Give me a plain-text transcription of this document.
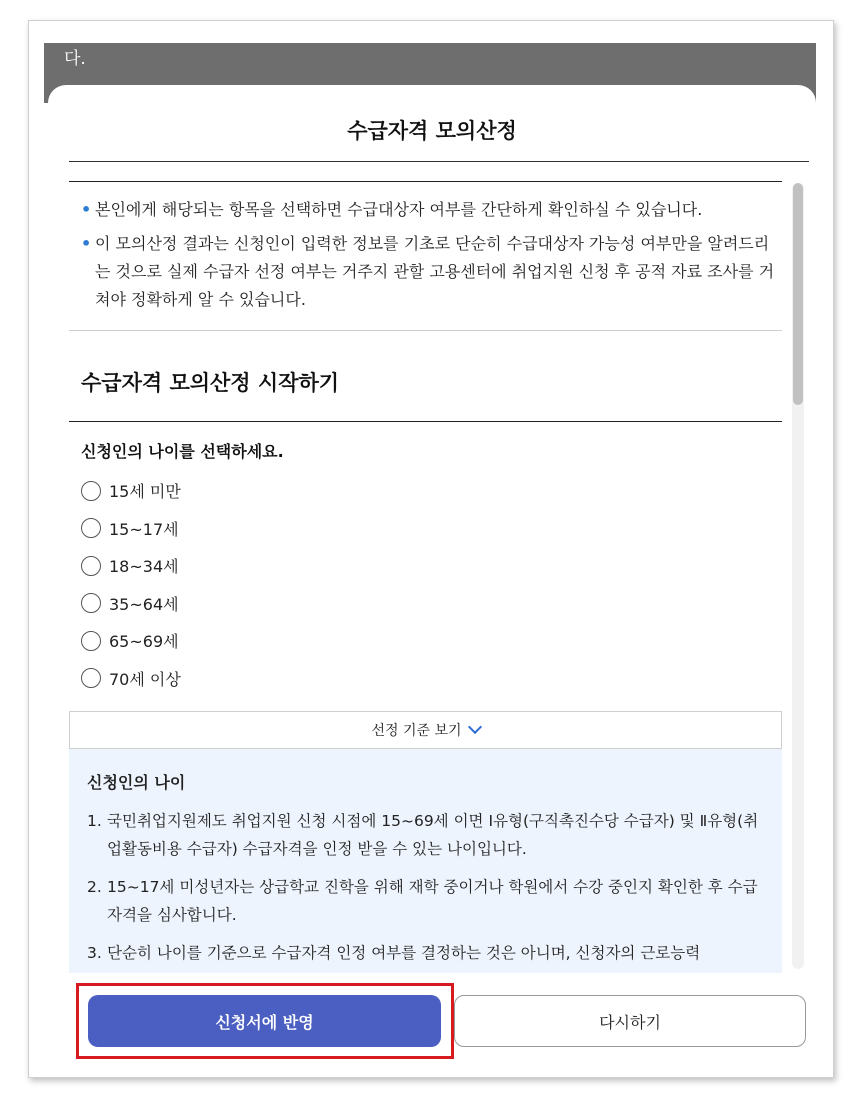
다.
수급자격 모의산정
• 본인에게 해당되는 항목을 선택하면 수급대상자 여부를 간단하게 확인하실 수 있습니다.
• 이 모의산정 결과는 신청인이 입력한 정보를 기초로 단순히 수급대상자 가능성 여부만을 알려드리는 것으로 실제 수급자 선정 여부는 거주지 관할 고용센터에 취업지원 신청 후 공적 자료 조사를 거쳐야 정확하게 알 수 있습니다.
수급자격 모의산정 시작하기
신청인의 나이를 선택하세요.
15세 미만
15~17세
18~34세
35~64세
65~69세
70세 이상
선정 기준 보기
신청인의 나이
1. 국민취업지원제도 취업지원 신청 시점에 15~69세 이면 Ⅰ유형(구직촉진수당 수급자) 및 Ⅱ유형(취업활동비용 수급자) 수급자격을 인정 받을 수 있는 나이입니다.
2. 15~17세 미성년자는 상급학교 진학을 위해 재학 중이거나 학원에서 수강 중인지 확인한 후 수급자격을 심사합니다.
3. 단순히 나이를 기준으로 수급자격 인정 여부를 결정하는 것은 아니며, 신청자의 근로능력
신청서에 반영	다시하기
